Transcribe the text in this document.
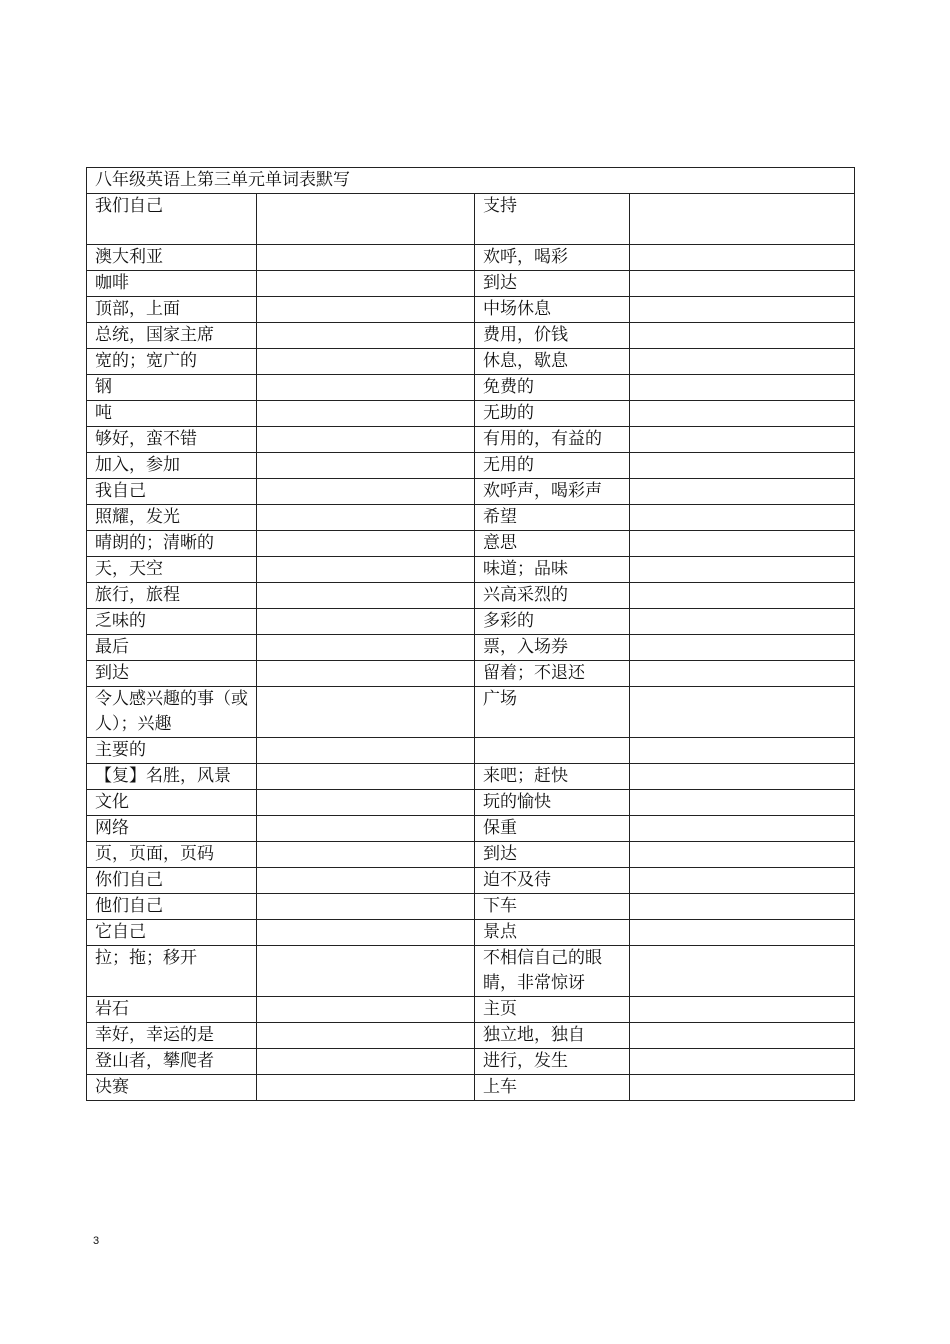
八年级英语上第三单元单词表默写			
我们自己		支持	
澳大利亚		欢呼，喝彩	
咖啡		到达	
顶部，上面		中场休息	
总统，国家主席		费用，价钱	
宽的；宽广的		休息，歇息	
钢		免费的	
吨		无助的	
够好，蛮不错		有用的，有益的	
加入，参加		无用的	
我自己		欢呼声，喝彩声	
照耀，发光		希望	
晴朗的；清晰的		意思	
天，天空		味道；品味	
旅行，旅程		兴高采烈的	
乏味的		多彩的	
最后		票，入场券	
到达		留着；不退还	
令人感兴趣的事（或人）；兴趣		广场	
主要的			
【复】名胜，风景		来吧；赶快	
文化		玩的愉快	
网络		保重	
页，页面，页码		到达	
你们自己		迫不及待	
他们自己		下车	
它自己		景点	
拉；拖；移开		不相信自己的眼睛，非常惊讶	
岩石		主页	
幸好，幸运的是		独立地，独自	
登山者，攀爬者		进行，发生	
决赛		上车	
3
